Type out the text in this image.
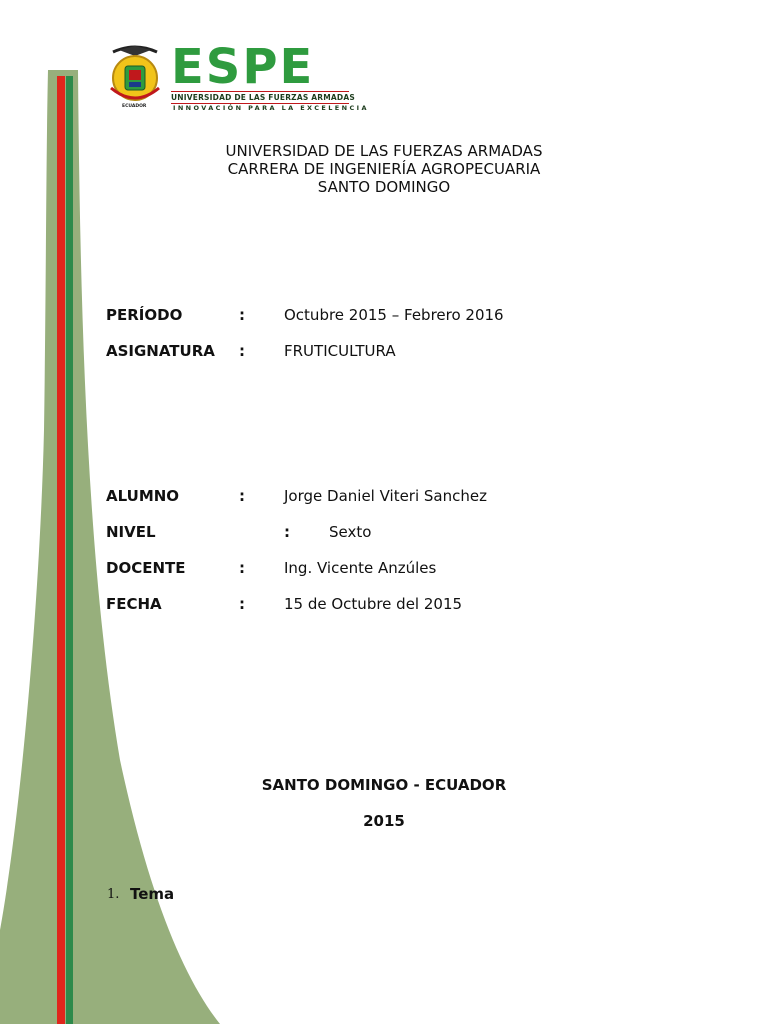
ECUADOR
ESPE
UNIVERSIDAD DE LAS FUERZAS ARMADAS
INNOVACIÓN PARA LA EXCELENCIA
UNIVERSIDAD DE LAS FUERZAS ARMADAS
CARRERA DE INGENIERÍA AGROPECUARIA
SANTO DOMINGO
PERÍODO	:	Octubre 2015 – Febrero 2016
ASIGNATURA :	FRUTICULTURA
ALUMNO	:	Jorge Daniel Viteri Sanchez
NIVEL	:	Sexto
DOCENTE	:	Ing. Vicente Anzúles
FECHA	:	15 de Octubre del 2015
SANTO DOMINGO - ECUADOR
2015
1. Tema
